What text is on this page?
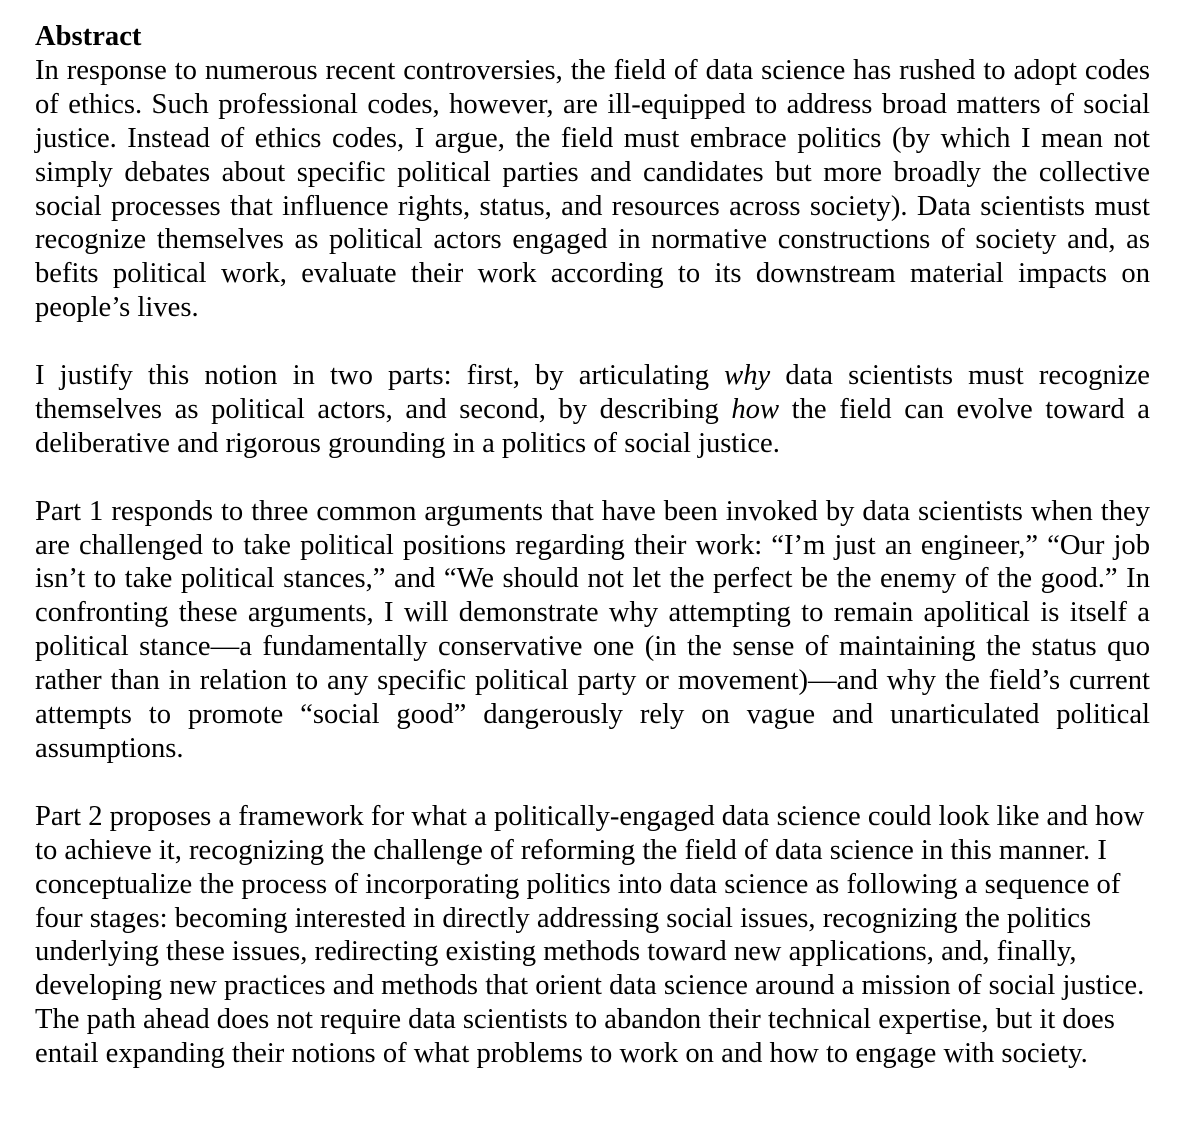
Abstract

In response to numerous recent controversies, the field of data science has rushed to adopt codes of ethics. Such professional codes, however, are ill-equipped to address broad matters of social justice. Instead of ethics codes, I argue, the field must embrace politics (by which I mean not simply debates about specific political parties and candidates but more broadly the collective social processes that influence rights, status, and resources across society). Data scientists must recognize themselves as political actors engaged in normative constructions of society and, as befits political work, evaluate their work according to its downstream material impacts on people’s lives.

I justify this notion in two parts: first, by articulating why data scientists must recognize themselves as political actors, and second, by describing how the field can evolve toward a deliberative and rigorous grounding in a politics of social justice.

Part 1 responds to three common arguments that have been invoked by data scientists when they are challenged to take political positions regarding their work: “I’m just an engineer,” “Our job isn’t to take political stances,” and “We should not let the perfect be the enemy of the good.” In confronting these arguments, I will demonstrate why attempting to remain apolitical is itself a political stance—a fundamentally conservative one (in the sense of maintaining the status quo rather than in relation to any specific political party or movement)—and why the field’s current attempts to promote “social good” dangerously rely on vague and unarticulated political assumptions.

Part 2 proposes a framework for what a politically-engaged data science could look like and how to achieve it, recognizing the challenge of reforming the field of data science in this manner. I conceptualize the process of incorporating politics into data science as following a sequence of four stages: becoming interested in directly addressing social issues, recognizing the politics underlying these issues, redirecting existing methods toward new applications, and, finally, developing new practices and methods that orient data science around a mission of social justice. The path ahead does not require data scientists to abandon their technical expertise, but it does entail expanding their notions of what problems to work on and how to engage with society.
